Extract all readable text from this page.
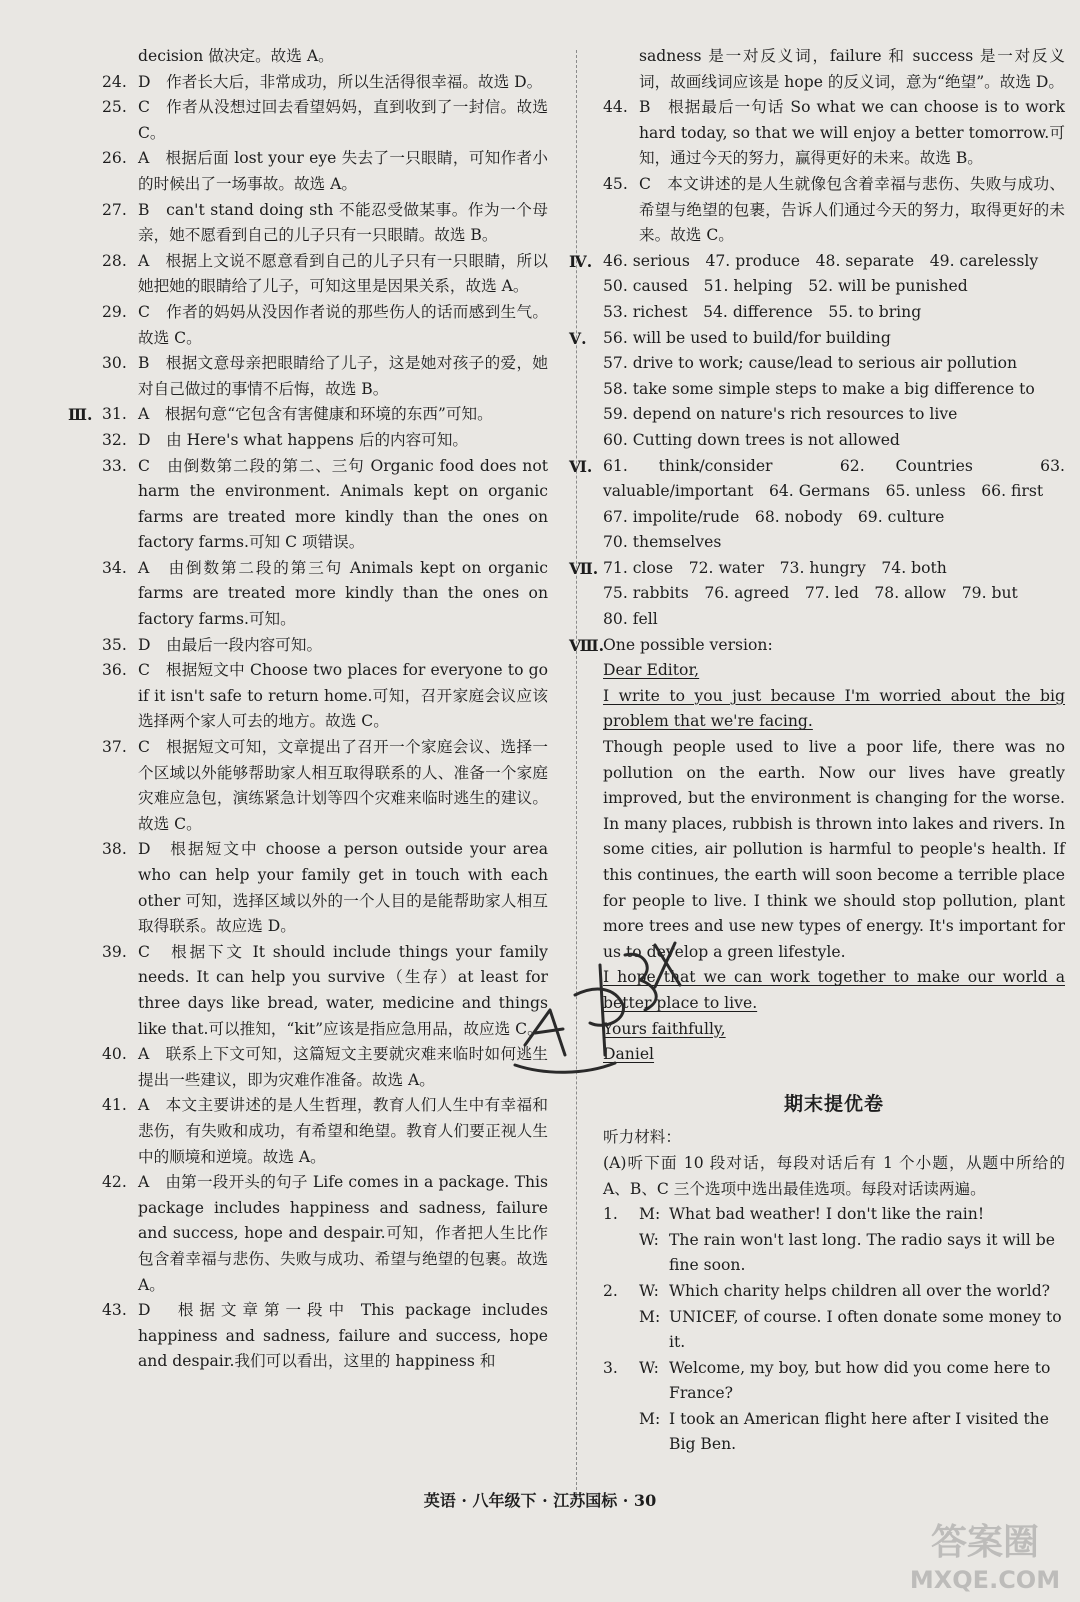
decision 做决定。故选 A。
24. D　作者长大后，非常成功，所以生活得很幸福。故选 D。
25. C　作者从没想过回去看望妈妈，直到收到了一封信。故选 C。
26. A　根据后面 lost your eye 失去了一只眼睛，可知作者小的时候出了一场事故。故选 A。
27. B　can't stand doing sth 不能忍受做某事。作为一个母亲，她不愿看到自己的儿子只有一只眼睛。故选 B。
28. A　根据上文说不愿意看到自己的儿子只有一只眼睛，所以她把她的眼睛给了儿子，可知这里是因果关系，故选 A。
29. C　作者的妈妈从没因作者说的那些伤人的话而感到生气。故选 C。
30. B　根据文意母亲把眼睛给了儿子，这是她对孩子的爱，她对自己做过的事情不后悔，故选 B。
Ⅲ. 31. A　根据句意“它包含有害健康和环境的东西”可知。
32. D　由 Here's what happens 后的内容可知。
33. C　由倒数第二段的第二、三句 Organic food does not harm the environment. Animals kept on organic farms are treated more kindly than the ones on factory farms.可知 C 项错误。
34. A　由倒数第二段的第三句 Animals kept on organic farms are treated more kindly than the ones on factory farms.可知。
35. D　由最后一段内容可知。
36. C　根据短文中 Choose two places for everyone to go if it isn't safe to return home.可知，召开家庭会议应该选择两个家人可去的地方。故选 C。
37. C　根据短文可知，文章提出了召开一个家庭会议、选择一个区域以外能够帮助家人相互取得联系的人、准备一个家庭灾难应急包，演练紧急计划等四个灾难来临时逃生的建议。故选 C。
38. D　根据短文中 choose a person outside your area who can help your family get in touch with each other 可知，选择区域以外的一个人目的是能帮助家人相互取得联系。故应选 D。
39. C　根据下文 It should include things your family needs. It can help you survive（生存）at least for three days like bread, water, medicine and things like that.可以推知，“kit”应该是指应急用品，故应选 C。
40. A　联系上下文可知，这篇短文主要就灾难来临时如何逃生提出一些建议，即为灾难作准备。故选 A。
41. A　本文主要讲述的是人生哲理，教育人们人生中有幸福和悲伤，有失败和成功，有希望和绝望。教育人们要正视人生中的顺境和逆境。故选 A。
42. A　由第一段开头的句子 Life comes in a package. This package includes happiness and sadness, failure and success, hope and despair.可知，作者把人生比作包含着幸福与悲伤、失败与成功、希望与绝望的包裹。故选 A。
43. D　根据文章第一段中 This package includes happiness and sadness, failure and success, hope and despair.我们可以看出，这里的 happiness 和
sadness 是一对反义词，failure 和 success 是一对反义词，故画线词应该是 hope 的反义词，意为“绝望”。故选 D。
44. B　根据最后一句话 So what we can choose is to work hard today, so that we will enjoy a better tomorrow.可知，通过今天的努力，赢得更好的未来。故选 B。
45. C　本文讲述的是人生就像包含着幸福与悲伤、失败与成功、希望与绝望的包裹，告诉人们通过今天的努力，取得更好的未来。故选 C。
Ⅳ. 46. serious　47. produce　48. separate　49. carelessly
50. caused　51. helping　52. will be punished
53. richest　54. difference　55. to bring
Ⅴ. 56. will be used to build/for building
57. drive to work; cause/lead to serious air pollution
58. take some simple steps to make a big difference to
59. depend on nature's rich resources to live
60. Cutting down trees is not allowed
Ⅵ. 61. think/consider　62. Countries　63. valuable/important　64. Germans　65. unless　66. first
67. impolite/rude　68. nobody　69. culture
70. themselves
Ⅶ. 71. close　72. water　73. hungry　74. both
75. rabbits　76. agreed　77. led　78. allow　79. but
80. fell
Ⅷ.
One possible version:
Dear Editor,
I write to you just because I'm worried about the big problem that we're facing.
Though people used to live a poor life, there was no pollution on the earth. Now our lives have greatly improved, but the environment is changing for the worse. In many places, rubbish is thrown into lakes and rivers. In some cities, air pollution is harmful to people's health. If this continues, the earth will soon become a terrible place for people to live. I think we should stop pollution, plant more trees and use new types of energy. It's important for us to develop a green lifestyle.
I hope that we can work together to make our world a better place to live.
Yours faithfully,
Daniel
期末提优卷
听力材料：
(A)听下面 10 段对话，每段对话后有 1 个小题，从题中所给的 A、B、C 三个选项中选出最佳选项。每段对话读两遍。
1. M: What bad weather! I don't like the rain!
W: The rain won't last long. The radio says it will be fine soon.
2. W: Which charity helps children all over the world?
M: UNICEF, of course. I often donate some money to it.
3. W: Welcome, my boy, but how did you come here to France?
M: I took an American flight here after I visited the Big Ben.
英语 · 八年级下 · 江苏国标 · 30
答案圈
MXQE.COM
